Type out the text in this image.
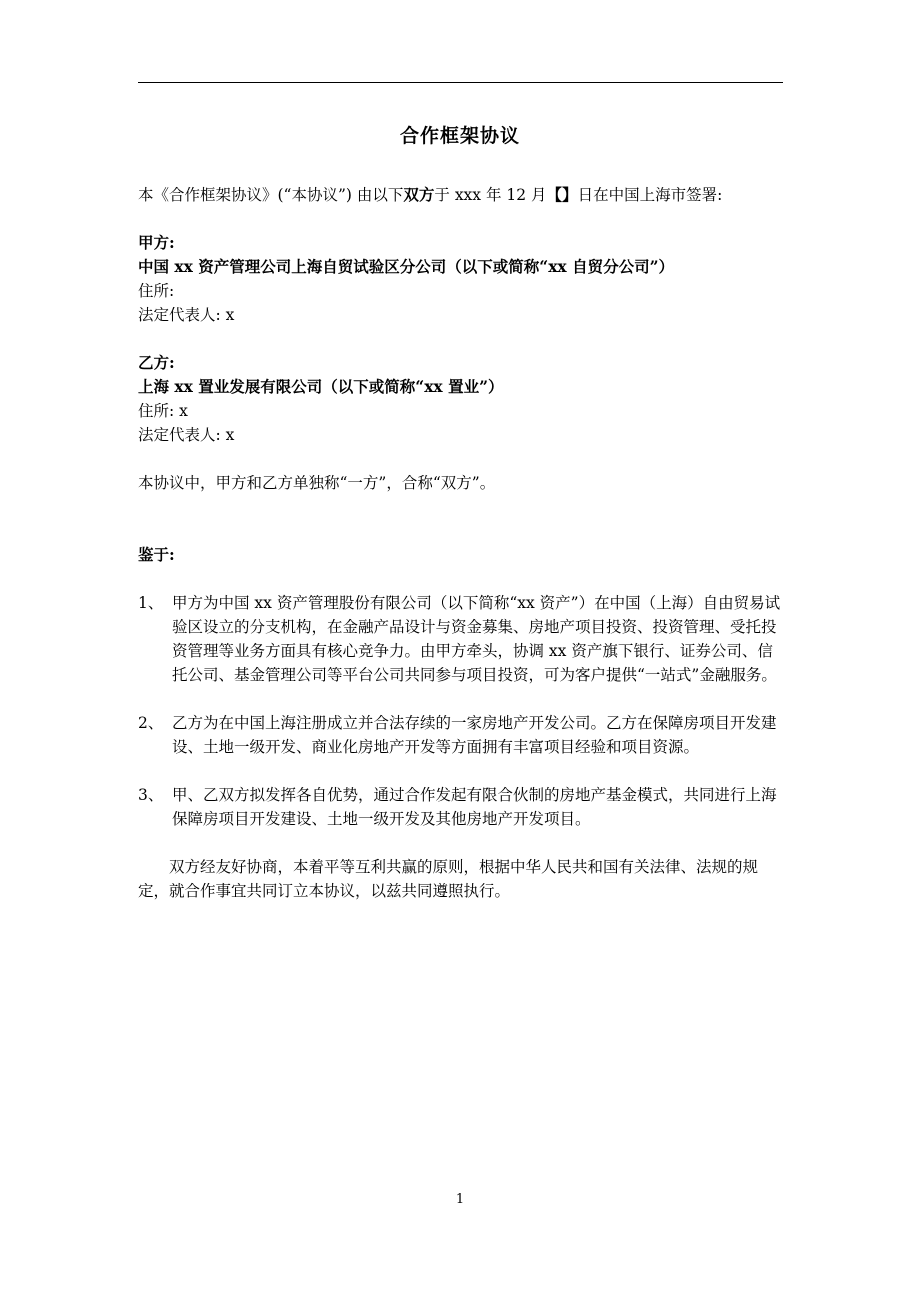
合作框架协议

本《合作框架协议》(“本协议”) 由以下双方于 xxx 年 12 月【】日在中国上海市签署:

甲方:

中国 xx 资产管理公司上海自贸试验区分公司（以下或简称“xx 自贸分公司”）

住所:

法定代表人: x

乙方:

上海 xx 置业发展有限公司（以下或简称“xx 置业”）

住所: x

法定代表人: x

本协议中，甲方和乙方单独称“一方”，合称“双方”。

鉴于:

1、 甲方为中国 xx 资产管理股份有限公司（以下简称“xx 资产”）在中国（上海）自由贸易试验区设立的分支机构，在金融产品设计与资金募集、房地产项目投资、投资管理、受托投资管理等业务方面具有核心竞争力。由甲方牵头，协调 xx 资产旗下银行、证券公司、信托公司、基金管理公司等平台公司共同参与项目投资，可为客户提供“一站式”金融服务。
2、 乙方为在中国上海注册成立并合法存续的一家房地产开发公司。乙方在保障房项目开发建设、土地一级开发、商业化房地产开发等方面拥有丰富项目经验和项目资源。
3、 甲、乙双方拟发挥各自优势，通过合作发起有限合伙制的房地产基金模式，共同进行上海保障房项目开发建设、土地一级开发及其他房地产开发项目。

双方经友好协商，本着平等互利共赢的原则，根据中华人民共和国有关法律、法规的规定，就合作事宜共同订立本协议，以兹共同遵照执行。

1
